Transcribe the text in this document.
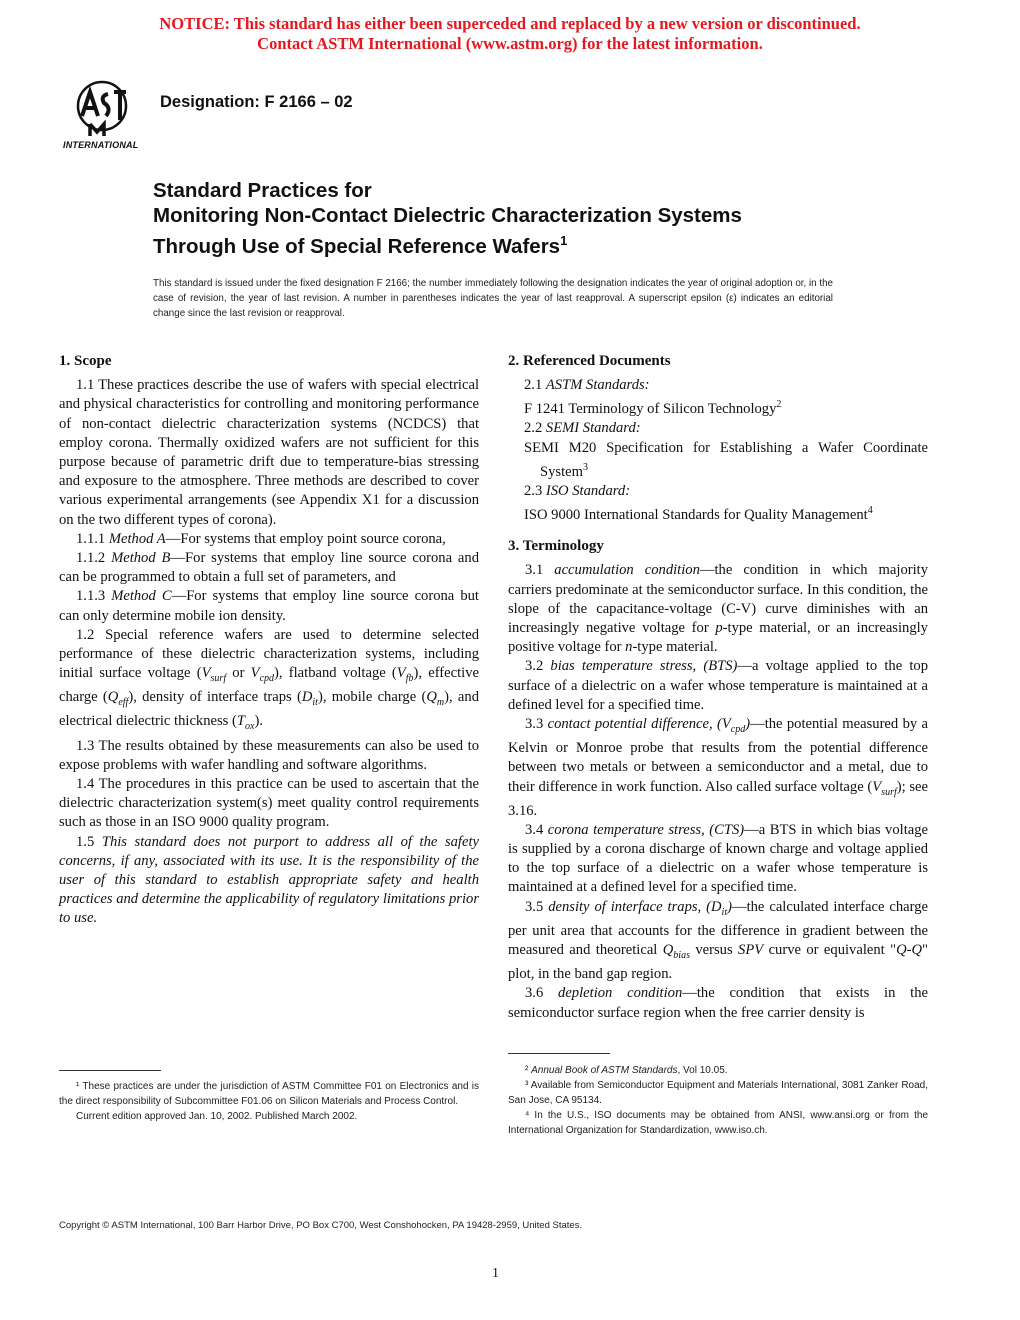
NOTICE: This standard has either been superceded and replaced by a new version or discontinued.
Contact ASTM International (www.astm.org) for the latest information.
INTERNATIONAL
Designation: F 2166 – 02
Standard Practices for
Monitoring Non-Contact Dielectric Characterization Systems
Through Use of Special Reference Wafers$^1$
This standard is issued under the fixed designation F 2166; the number immediately following the designation indicates the year of original adoption or, in the case of revision, the year of last revision. A number in parentheses indicates the year of last reapproval. A superscript epsilon (ε) indicates an editorial change since the last revision or reapproval.
1. Scope

1.1 These practices describe the use of wafers with special electrical and physical characteristics for controlling and monitoring performance of non-contact dielectric characterization systems (NCDCS) that employ corona. Thermally oxidized wafers are not sufficient for this purpose because of parametric drift due to temperature-bias stressing and exposure to the atmosphere. Three methods are described to cover various experimental arrangements (see Appendix X1 for a discussion on the two different types of corona).

1.1.1 Method A—For systems that employ point source corona,

1.1.2 Method B—For systems that employ line source corona and can be programmed to obtain a full set of parameters, and

1.1.3 Method C—For systems that employ line source corona but can only determine mobile ion density.

1.2 Special reference wafers are used to determine selected performance of these dielectric characterization systems, including initial surface voltage ($V_{surf}$ or $V_{cpd}$), flatband voltage $(V_{fb})$, effective charge $(Q_{eff})$, density of interface traps $(D_{it})$, mobile charge $(Q_m)$, and electrical dielectric thickness $(T_{ox})$.

1.3 The results obtained by these measurements can also be used to expose problems with wafer handling and software algorithms.

1.4 The procedures in this practice can be used to ascertain that the dielectric characterization system(s) meet quality control requirements such as those in an ISO 9000 quality program.

1.5 This standard does not purport to address all of the safety concerns, if any, associated with its use. It is the responsibility of the user of this standard to establish appropriate safety and health practices and determine the applicability of regulatory limitations prior to use.

2. Referenced Documents

2.1 ASTM Standards:

F 1241 Terminology of Silicon Technology$^2$

2.2 SEMI Standard:

SEMI M20 Specification for Establishing a Wafer Coordinate System$^3$

2.3 ISO Standard:

ISO 9000 International Standards for Quality Management$^4$

3. Terminology

3.1 accumulation condition—the condition in which majority carriers predominate at the semiconductor surface. In this condition, the slope of the capacitance-voltage (C-V) curve diminishes with an increasingly negative voltage for p-type material, or an increasingly positive voltage for n-type material.

3.2 bias temperature stress, (BTS)—a voltage applied to the top surface of a dielectric on a wafer whose temperature is maintained at a defined level for a specified time.

3.3 contact potential difference, $(V_{cpd})—the$ potential measured by a Kelvin or Monroe probe that results from the potential difference between two metals or between a semiconductor and a metal, due to their difference in work function. Also called surface voltage $(V_{surf})$; see 3.16.

3.4 corona temperature stress, (CTS)—a BTS in which bias voltage is supplied by a corona discharge of known charge and voltage applied to the top surface of a dielectric on a wafer whose temperature is maintained at a defined level for a specified time.

3.5 density of interface traps, $(D_{it})—the$ calculated interface charge per unit area that accounts for the difference in gradient between the measured and theoretical $Q_{bias}$ versus SPV curve or equivalent "Q-Q" plot, in the band gap region.

3.6 depletion condition—the condition that exists in the semiconductor surface region when the free carrier density is

¹ These practices are under the jurisdiction of ASTM Committee F01 on Electronics and is the direct responsibility of Subcommittee F01.06 on Silicon Materials and Process Control.

Current edition approved Jan. 10, 2002. Published March 2002.

² Annual Book of ASTM Standards, Vol 10.05.

³ Available from Semiconductor Equipment and Materials International, 3081 Zanker Road, San Jose, CA 95134.

⁴ In the U.S., ISO documents may be obtained from ANSI, www.ansi.org or from the International Organization for Standardization, www.iso.ch.

Copyright © ASTM International, 100 Barr Harbor Drive, PO Box C700, West Conshohocken, PA 19428-2959, United States.
1
